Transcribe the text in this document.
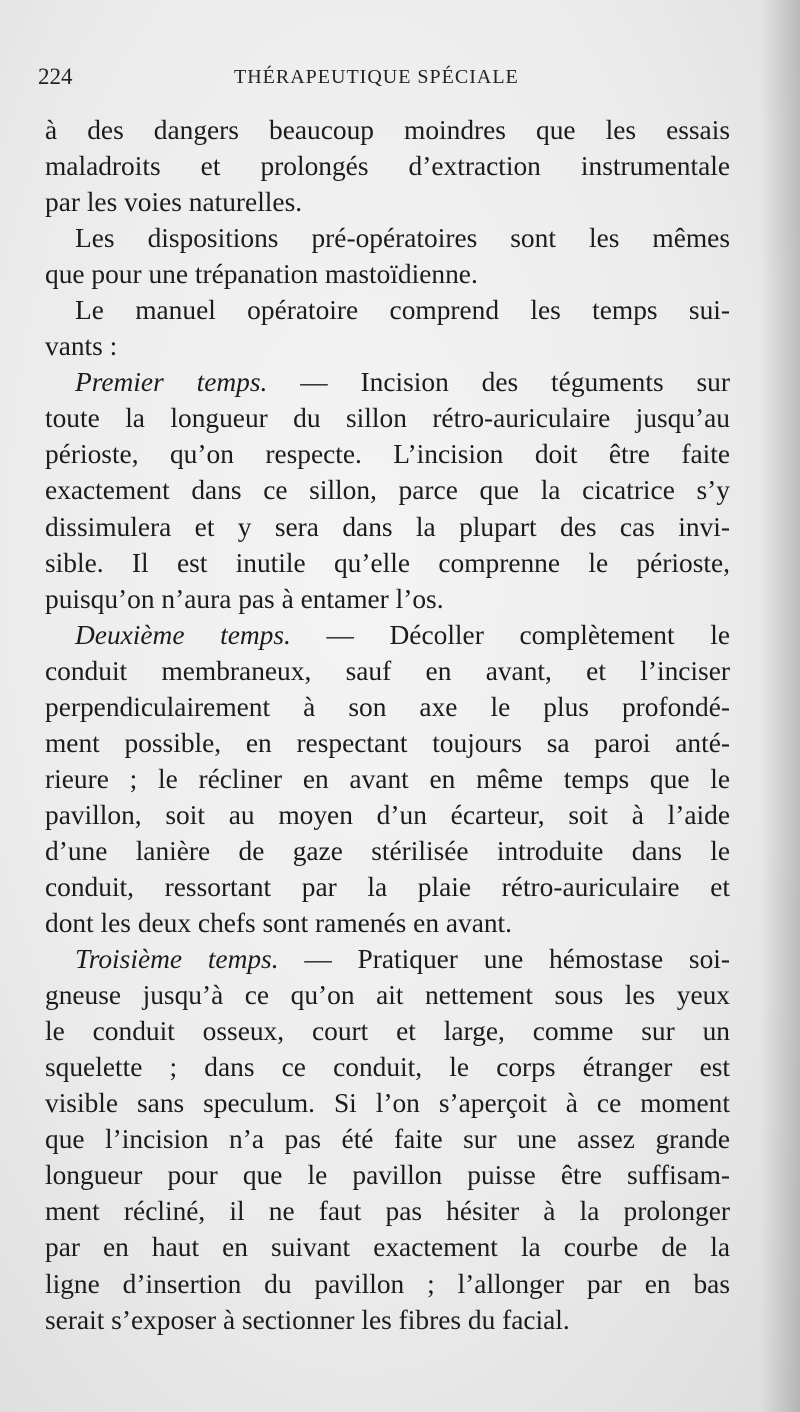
224	THÉRAPEUTIQUE SPÉCIALE
à des dangers beaucoup moindres que les essais
maladroits et prolongés d’extraction instrumentale
par les voies naturelles.
Les dispositions pré-opératoires sont les mêmes
que pour une trépanation mastoïdienne.
Le manuel opératoire comprend les temps sui-
vants :
Premier temps. — Incision des téguments sur
toute la longueur du sillon rétro-auriculaire jusqu’au
périoste, qu’on respecte. L’incision doit être faite
exactement dans ce sillon, parce que la cicatrice s’y
dissimulera et y sera dans la plupart des cas invi-
sible. Il est inutile qu’elle comprenne le périoste,
puisqu’on n’aura pas à entamer l’os.
Deuxième temps. — Décoller complètement le
conduit membraneux, sauf en avant, et l’inciser
perpendiculairement à son axe le plus profondé-
ment possible, en respectant toujours sa paroi anté-
rieure ; le récliner en avant en même temps que le
pavillon, soit au moyen d’un écarteur, soit à l’aide
d’une lanière de gaze stérilisée introduite dans le
conduit, ressortant par la plaie rétro-auriculaire et
dont les deux chefs sont ramenés en avant.
Troisième temps. — Pratiquer une hémostase soi-
gneuse jusqu’à ce qu’on ait nettement sous les yeux
le conduit osseux, court et large, comme sur un
squelette ; dans ce conduit, le corps étranger est
visible sans speculum. Si l’on s’aperçoit à ce moment
que l’incision n’a pas été faite sur une assez grande
longueur pour que le pavillon puisse être suffisam-
ment récliné, il ne faut pas hésiter à la prolonger
par en haut en suivant exactement la courbe de la
ligne d’insertion du pavillon ; l’allonger par en bas
serait s’exposer à sectionner les fibres du facial.
